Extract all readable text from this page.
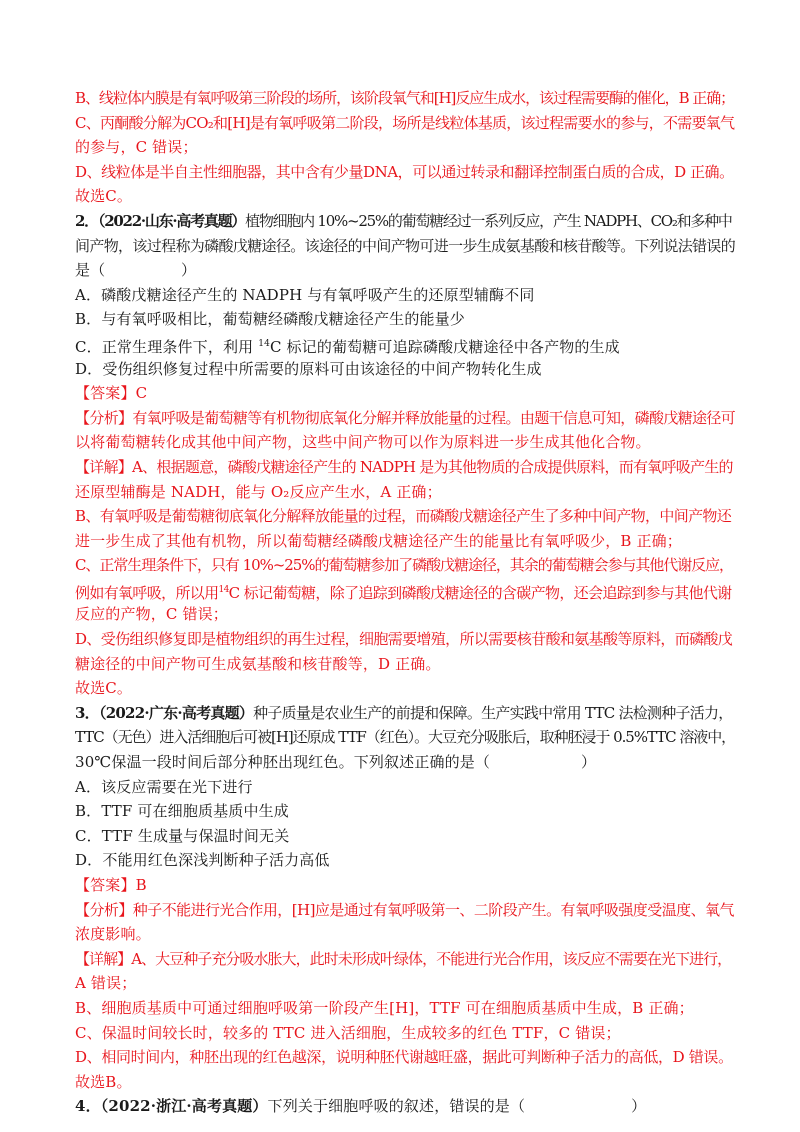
B、线粒体内膜是有氧呼吸第三阶段的场所，该阶段氧气和[H]反应生成水，该过程需要酶的催化，B 正确；
C、丙酮酸分解为CO₂和[H]是有氧呼吸第二阶段，场所是线粒体基质，该过程需要水的参与，不需要氧气
的参与，C 错误；
D、线粒体是半自主性细胞器，其中含有少量DNA，可以通过转录和翻译控制蛋白质的合成，D 正确。
故选C。
2．（2022·山东·高考真题）植物细胞内 10%~25%的葡萄糖经过一系列反应，产生 NADPH、CO₂和多种中
间产物，该过程称为磷酸戊糖途径。该途径的中间产物可进一步生成氨基酸和核苷酸等。下列说法错误的
是（　　　　　）
A．磷酸戊糖途径产生的 NADPH 与有氧呼吸产生的还原型辅酶不同
B．与有氧呼吸相比，葡萄糖经磷酸戊糖途径产生的能量少
C．正常生理条件下，利用 $^{14}$C 标记的葡萄糖可追踪磷酸戊糖途径中各产物的生成
D．受伤组织修复过程中所需要的原料可由该途径的中间产物转化生成
【答案】C
【分析】有氧呼吸是葡萄糖等有机物彻底氧化分解并释放能量的过程。由题干信息可知，磷酸戊糖途径可
以将葡萄糖转化成其他中间产物，这些中间产物可以作为原料进一步生成其他化合物。
【详解】A、根据题意，磷酸戊糖途径产生的 NADPH 是为其他物质的合成提供原料，而有氧呼吸产生的
还原型辅酶是 NADH，能与 O₂反应产生水，A 正确；
B、有氧呼吸是葡萄糖彻底氧化分解释放能量的过程，而磷酸戊糖途径产生了多种中间产物，中间产物还
进一步生成了其他有机物，所以葡萄糖经磷酸戊糖途径产生的能量比有氧呼吸少，B 正确；
C、正常生理条件下，只有 10%~25%的葡萄糖参加了磷酸戊糖途径，其余的葡萄糖会参与其他代谢反应，
例如有氧呼吸，所以用$^{14}$C 标记葡萄糖，除了追踪到磷酸戊糖途径的含碳产物，还会追踪到参与其他代谢
反应的产物，C 错误；
D、受伤组织修复即是植物组织的再生过程，细胞需要增殖，所以需要核苷酸和氨基酸等原料，而磷酸戊
糖途径的中间产物可生成氨基酸和核苷酸等，D 正确。
故选C。
3．（2022·广东·高考真题）种子质量是农业生产的前提和保障。生产实践中常用 TTC 法检测种子活力，
TTC（无色）进入活细胞后可被[H]还原成 TTF（红色）。大豆充分吸胀后，取种胚浸于 0.5%TTC 溶液中，
30℃保温一段时间后部分种胚出现红色。下列叙述正确的是（　　　　　　）
A．该反应需要在光下进行
B．TTF 可在细胞质基质中生成
C．TTF 生成量与保温时间无关
D．不能用红色深浅判断种子活力高低
【答案】B
【分析】种子不能进行光合作用，[H]应是通过有氧呼吸第一、二阶段产生。有氧呼吸强度受温度、氧气
浓度影响。
【详解】A、大豆种子充分吸水胀大，此时未形成叶绿体，不能进行光合作用，该反应不需要在光下进行，
A 错误；
B、细胞质基质中可通过细胞呼吸第一阶段产生[H]，TTF 可在细胞质基质中生成，B 正确；
C、保温时间较长时，较多的 TTC 进入活细胞，生成较多的红色 TTF，C 错误；
D、相同时间内，种胚出现的红色越深，说明种胚代谢越旺盛，据此可判断种子活力的高低，D 错误。
故选B。
4．（2022·浙江·高考真题）下列关于细胞呼吸的叙述，错误的是（　　　　　　　）
